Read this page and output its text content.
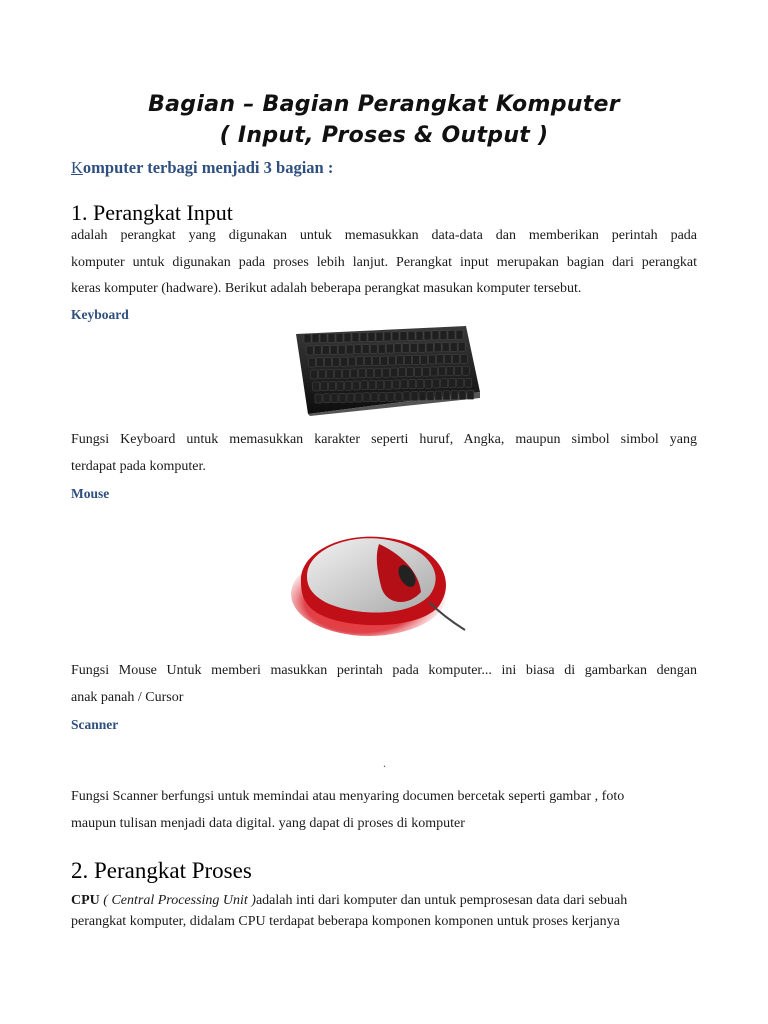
Bagian – Bagian Perangkat Komputer
( Input, Proses & Output )
Komputer terbagi menjadi 3 bagian :
1. Perangkat Input
adalah perangkat yang digunakan untuk memasukkan data-data dan memberikan perintah pada
komputer untuk digunakan pada proses lebih lanjut. Perangkat input merupakan bagian dari perangkat
keras komputer (hadware). Berikut adalah beberapa perangkat masukan komputer tersebut.
Keyboard
Fungsi Keyboard untuk memasukkan karakter seperti huruf, Angka, maupun simbol simbol yang
terdapat pada komputer.
Mouse
Fungsi Mouse Untuk memberi masukkan perintah pada komputer... ini biasa di gambarkan dengan
anak panah / Cursor
Scanner
.
Fungsi Scanner berfungsi untuk memindai atau menyaring documen bercetak seperti gambar , foto
maupun tulisan menjadi data digital. yang dapat di proses di komputer
2. Perangkat Proses
CPU ( Central Processing Unit )adalah inti dari komputer dan untuk pemprosesan data dari sebuah
perangkat komputer, didalam CPU terdapat beberapa komponen komponen untuk proses kerjanya
